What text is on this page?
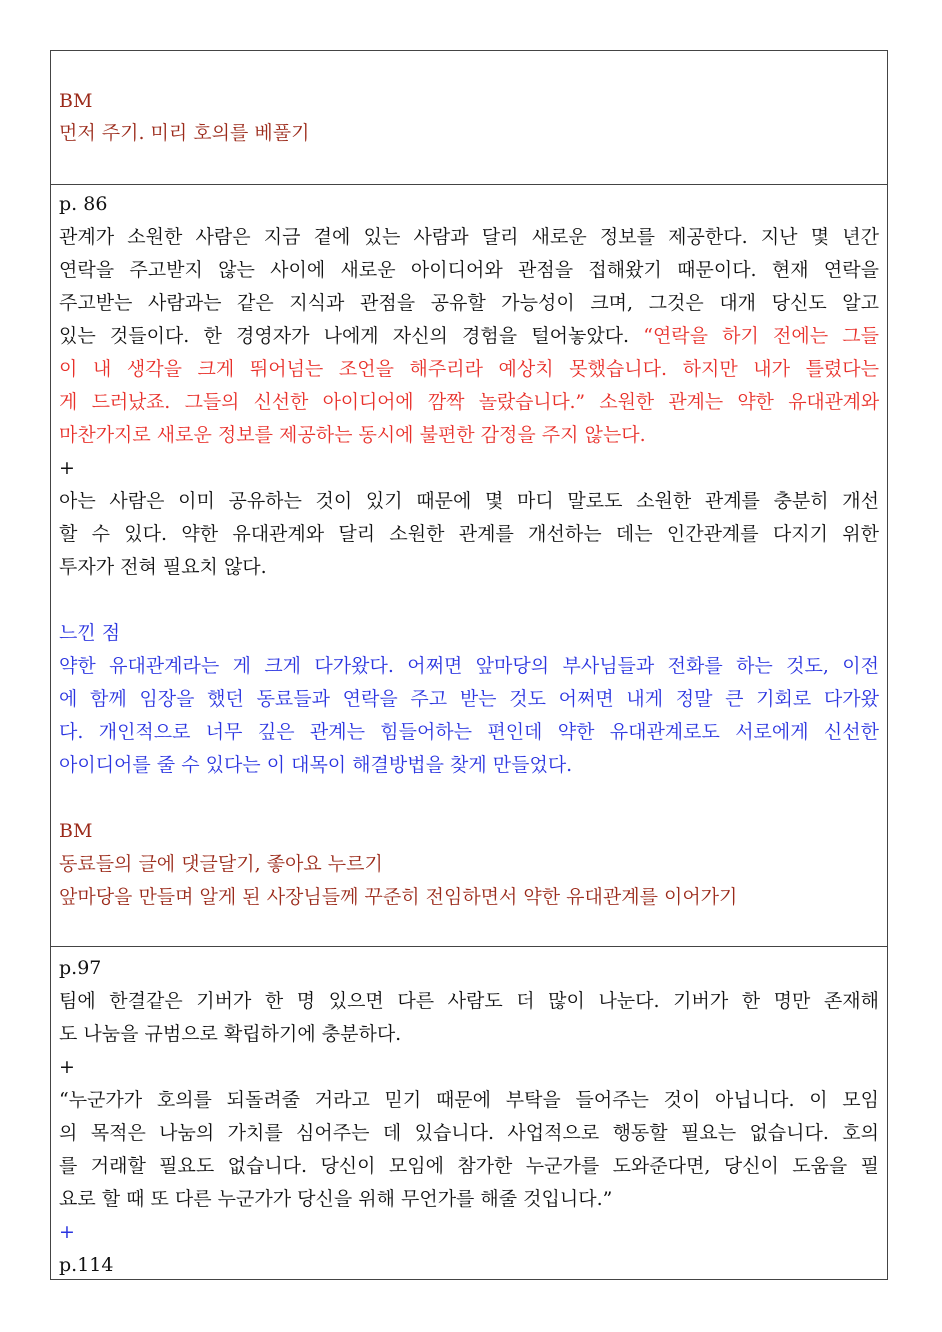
BM
먼저 주기. 미리 호의를 베풀기
p. 86
관계가 소원한 사람은 지금 곁에 있는 사람과 달리 새로운 정보를 제공한다. 지난 몇 년간
연락을 주고받지 않는 사이에 새로운 아이디어와 관점을 접해왔기 때문이다. 현재 연락을
주고받는 사람과는 같은 지식과 관점을 공유할 가능성이 크며, 그것은 대개 당신도 알고
있는 것들이다. 한 경영자가 나에게 자신의 경험을 털어놓았다. “연락을 하기 전에는 그들
이 내 생각을 크게 뛰어넘는 조언을 해주리라 예상치 못했습니다. 하지만 내가 틀렸다는
게 드러났죠. 그들의 신선한 아이디어에 깜짝 놀랐습니다.” 소원한 관계는 약한 유대관계와
마찬가지로 새로운 정보를 제공하는 동시에 불편한 감정을 주지 않는다.
+
아는 사람은 이미 공유하는 것이 있기 때문에 몇 마디 말로도 소원한 관계를 충분히 개선
할 수 있다. 약한 유대관계와 달리 소원한 관계를 개선하는 데는 인간관계를 다지기 위한
투자가 전혀 필요치 않다.
느낀 점
약한 유대관계라는 게 크게 다가왔다. 어쩌면 앞마당의 부사님들과 전화를 하는 것도, 이전
에 함께 임장을 했던 동료들과 연락을 주고 받는 것도 어쩌면 내게 정말 큰 기회로 다가왔
다. 개인적으로 너무 깊은 관계는 힘들어하는 편인데 약한 유대관계로도 서로에게 신선한
아이디어를 줄 수 있다는 이 대목이 해결방법을 찾게 만들었다.
BM
동료들의 글에 댓글달기, 좋아요 누르기
앞마당을 만들며 알게 된 사장님들께 꾸준히 전임하면서 약한 유대관계를 이어가기
p.97
팀에 한결같은 기버가 한 명 있으면 다른 사람도 더 많이 나눈다. 기버가 한 명만 존재해
도 나눔을 규범으로 확립하기에 충분하다.
+
“누군가가 호의를 되돌려줄 거라고 믿기 때문에 부탁을 들어주는 것이 아닙니다. 이 모임
의 목적은 나눔의 가치를 심어주는 데 있습니다. 사업적으로 행동할 필요는 없습니다. 호의
를 거래할 필요도 없습니다. 당신이 모임에 참가한 누군가를 도와준다면, 당신이 도움을 필
요로 할 때 또 다른 누군가가 당신을 위해 무언가를 해줄 것입니다.”
+
p.114
